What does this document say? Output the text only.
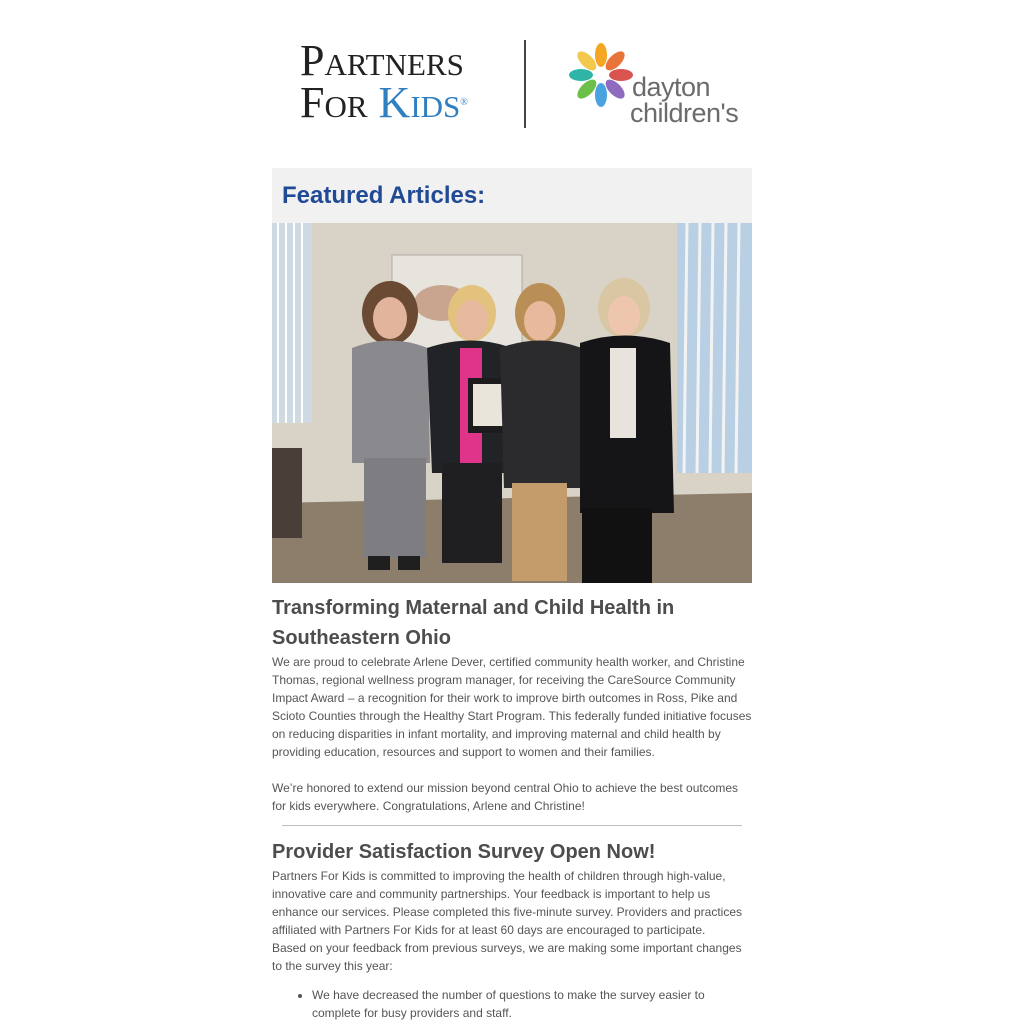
Partners
For Kids®
dayton
children's
Featured Articles:
Transforming Maternal and Child Health in Southeastern Ohio

We are proud to celebrate Arlene Dever, certified community health worker, and Christine Thomas, regional wellness program manager, for receiving the CareSource Community Impact Award – a recognition for their work to improve birth outcomes in Ross, Pike and Scioto Counties through the Healthy Start Program. This federally funded initiative focuses on reducing disparities in infant mortality, and improving maternal and child health by providing education, resources and support to women and their families.

We’re honored to extend our mission beyond central Ohio to achieve the best outcomes for kids everywhere. Congratulations, Arlene and Christine!

Provider Satisfaction Survey Open Now!

Partners For Kids is committed to improving the health of children through high-value, innovative care and community partnerships. Your feedback is important to help us enhance our services. Please completed this five-minute survey. Providers and practices affiliated with Partners For Kids for at least 60 days are encouraged to participate.

Based on your feedback from previous surveys, we are making some important changes to the survey this year:

• We have decreased the number of questions to make the survey easier to complete for busy providers and staff.
